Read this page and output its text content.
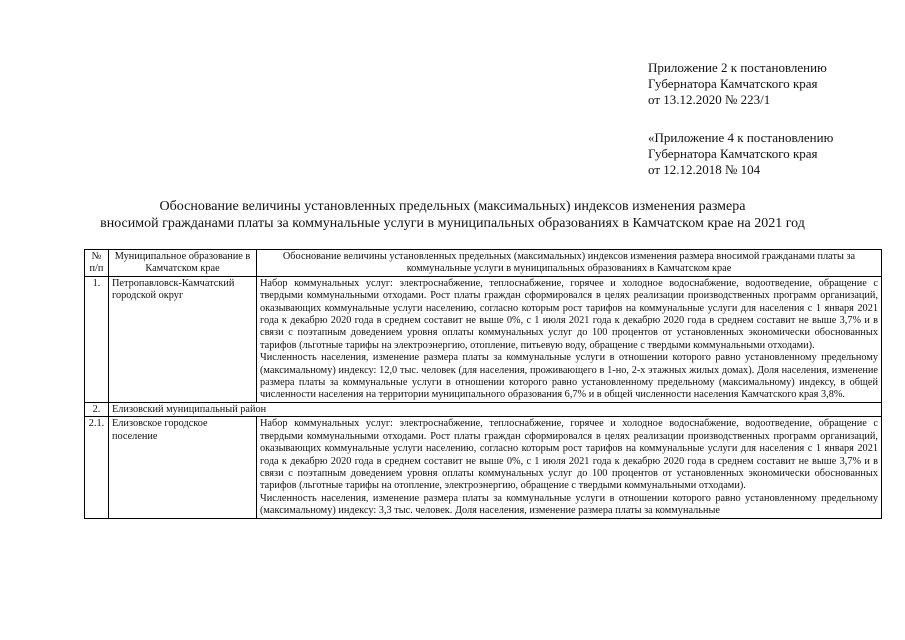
Приложение 2 к постановлению
Губернатора Камчатского края
от 13.12.2020 № 223/1
«Приложение 4 к постановлению
Губернатора Камчатского края
от 12.12.2018 № 104
Обоснование величины установленных предельных (максимальных) индексов изменения размера
вносимой гражданами платы за коммунальные услуги в муниципальных образованиях в Камчатском крае на 2021 год
№ п/п	Муниципальное образование в Камчатском крае	Обоснование величины установленных предельных (максимальных) индексов изменения размера вносимой гражданами платы за коммунальные услуги в муниципальных образованиях в Камчатском крае
1.	Петропавловск-Камчатский городской округ	Набор коммунальных услуг: электроснабжение, теплоснабжение, горячее и холодное водоснабжение, водоотведение, обращение с твердыми коммунальными отходами. Рост платы граждан сформировался в целях реализации производственных программ организаций, оказывающих коммунальные услуги населению, согласно которым рост тарифов на коммунальные услуги для населения с 1 января 2021 года к декабрю 2020 года в среднем составит не выше 0%, с 1 июля 2021 года к декабрю 2020 года в среднем составит не выше 3,7% и в связи с поэтапным доведением уровня оплаты коммунальных услуг до 100 процентов от установленных экономически обоснованных тарифов (льготные тарифы на электроэнергию, отопление, питьевую воду, обращение с твердыми коммунальными отходами).
Численность населения, изменение размера платы за коммунальные услуги в отношении которого равно установленному предельному (максимальному) индексу: 12,0 тыс. человек (для населения, проживающего в 1-но, 2-х этажных жилых домах). Доля населения, изменение размера платы за коммунальные услуги в отношении которого равно установленному предельному (максимальному) индексу, в общей численности населения на территории муниципального образования 6,7% и в общей численности населения Камчатского края 3,8%.

2.	Елизовский муниципальный район	
2.1.	Елизовское городское поселение	Набор коммунальных услуг: электроснабжение, теплоснабжение, горячее и холодное водоснабжение, водоотведение, обращение с твердыми коммунальными отходами. Рост платы граждан сформировался в целях реализации производственных программ организаций, оказывающих коммунальные услуги населению, согласно которым рост тарифов на коммунальные услуги для населения с 1 января 2021 года к декабрю 2020 года в среднем составит не выше 0%, с 1 июля 2021 года к декабрю 2020 года в среднем составит не выше 3,7% и в связи с поэтапным доведением уровня оплаты коммунальных услуг до 100 процентов от установленных экономически обоснованных тарифов (льготные тарифы на отопление, электроэнергию, обращение с твердыми коммунальными отходами).
Численность населения, изменение размера платы за коммунальные услуги в отношении которого равно установленному предельному (максимальному) индексу: 3,3 тыс. человек. Доля населения, изменение размера платы за коммунальные
